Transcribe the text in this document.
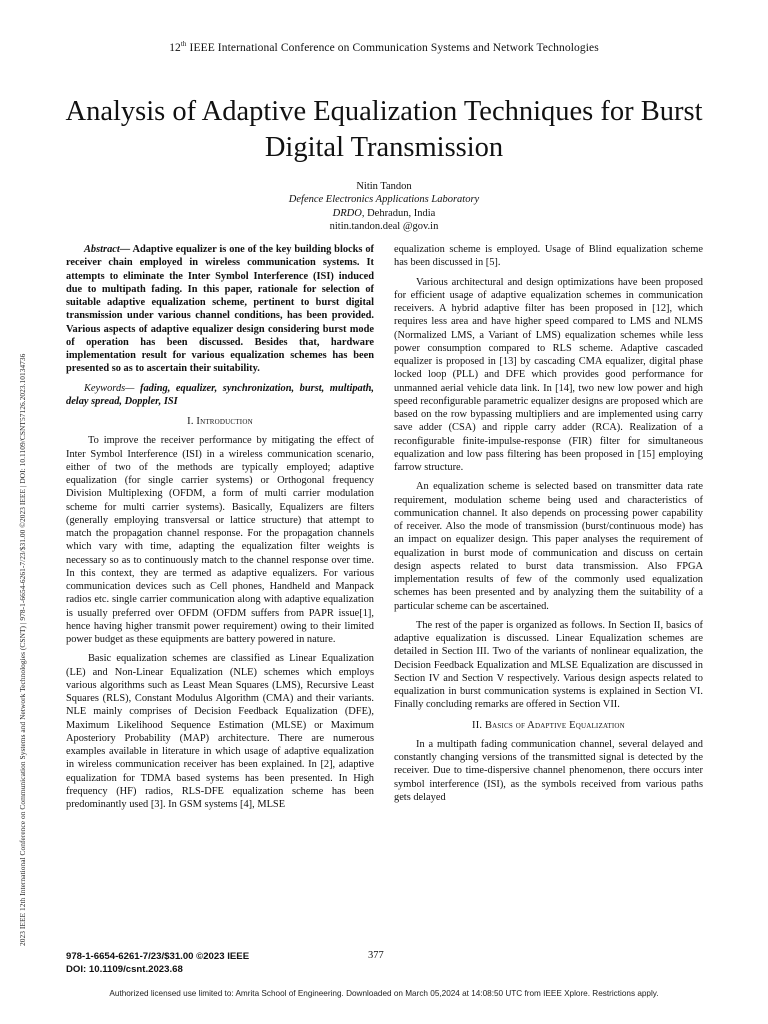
12th IEEE International Conference on Communication Systems and Network Technologies
2023 IEEE 12th International Conference on Communication Systems and Network Technologies (CSNT) | 978-1-6654-6261-7/23/$31.00 ©2023 IEEE | DOI: 10.1109/CSNT57126.2023.10134736
Analysis of Adaptive Equalization Techniques for Burst Digital Transmission
Nitin Tandon
Defence Electronics Applications Laboratory
DRDO, Dehradun, India
nitin.tandon.deal @gov.in

Abstract— Adaptive equalizer is one of the key building blocks of receiver chain employed in wireless communication systems. It attempts to eliminate the Inter Symbol Interference (ISI) induced due to multipath fading. In this paper, rationale for selection of suitable adaptive equalization scheme, pertinent to burst digital transmission under various channel conditions, has been provided. Various aspects of adaptive equalizer design considering burst mode of operation has been discussed. Besides that, hardware implementation result for various equalization schemes has been presented so as to ascertain their suitability.

Keywords— fading, equalizer, synchronization, burst, multipath, delay spread, Doppler, ISI

I. Introduction

To improve the receiver performance by mitigating the effect of Inter Symbol Interference (ISI) in a wireless communication scenario, either of two of the methods are typically employed; adaptive equalization (for single carrier systems) or Orthogonal frequency Division Multiplexing (OFDM, a form of multi carrier modulation scheme for multi carrier systems). Basically, Equalizers are filters (generally employing transversal or lattice structure) that attempt to match the propagation channel response. For the propagation channels which vary with time, adapting the equalization filter weights is necessary so as to continuously match to the channel response over time. In this context, they are termed as adaptive equalizers. For various communication devices such as Cell phones, Handheld and Manpack radios etc. single carrier communication along with adaptive equalization is usually preferred over OFDM (OFDM suffers from PAPR issue[1], hence having higher transmit power requirement) owing to their limited power budget as these equipments are battery powered in nature.

Basic equalization schemes are classified as Linear Equalization (LE) and Non-Linear Equalization (NLE) schemes which employs various algorithms such as Least Mean Squares (LMS), Recursive Least Squares (RLS), Constant Modulus Algorithm (CMA) and their variants. NLE mainly comprises of Decision Feedback Equalization (DFE), Maximum Likelihood Sequence Estimation (MLSE) or Maximum Aposteriory Probability (MAP) architecture. There are numerous examples available in literature in which usage of adaptive equalization in wireless communication receiver has been explained. In [2], adaptive equalization for TDMA based systems has been presented. In High frequency (HF) radios, RLS-DFE equalization scheme has been predominantly used [3]. In GSM systems [4], MLSE

equalization scheme is employed. Usage of Blind equalization scheme has been discussed in [5].

Various architectural and design optimizations have been proposed for efficient usage of adaptive equalization schemes in communication receivers. A hybrid adaptive filter has been proposed in [12], which requires less area and have higher speed compared to LMS and NLMS (Normalized LMS, a Variant of LMS) equalization schemes while less power consumption compared to RLS scheme. Adaptive cascaded equalizer is proposed in [13] by cascading CMA equalizer, digital phase locked loop (PLL) and DFE which provides good performance for unmanned aerial vehicle data link. In [14], two new low power and high speed reconfigurable parametric equalizer designs are proposed which are based on the row bypassing multipliers and are implemented using carry save adder (CSA) and ripple carry adder (RCA). Realization of a reconfigurable finite-impulse-response (FIR) filter for simultaneous equalization and low pass filtering has been proposed in [15] employing farrow structure.

An equalization scheme is selected based on transmitter data rate requirement, modulation scheme being used and characteristics of communication channel. It also depends on processing power capability of receiver. Also the mode of transmission (burst/continuous mode) has an impact on equalizer design. This paper analyses the requirement of equalization in burst mode of communication and discuss on certain design aspects related to burst data transmission. Also FPGA implementation results of few of the commonly used equalization schemes has been presented and by analyzing them the suitability of a particular scheme can be ascertained.

The rest of the paper is organized as follows. In Section II, basics of adaptive equalization is discussed. Linear Equalization schemes are detailed in Section III. Two of the variants of nonlinear equalization, the Decision Feedback Equalization and MLSE Equalization are discussed in Section IV and Section V respectively. Various design aspects related to equalization in burst communication systems is explained in Section VI. Finally concluding remarks are offered in Section VII.

II. Basics of Adaptive Equalization

In a multipath fading communication channel, several delayed and constantly changing versions of the transmitted signal is detected by the receiver. Due to time-dispersive channel phenomenon, there occurs inter symbol interference (ISI), as the symbols received from various paths gets delayed

978-1-6654-6261-7/23/$31.00 ©2023 IEEE
DOI: 10.1109/csnt.2023.68
377
Authorized licensed use limited to: Amrita School of Engineering. Downloaded on March 05,2024 at 14:08:50 UTC from IEEE Xplore. Restrictions apply.
